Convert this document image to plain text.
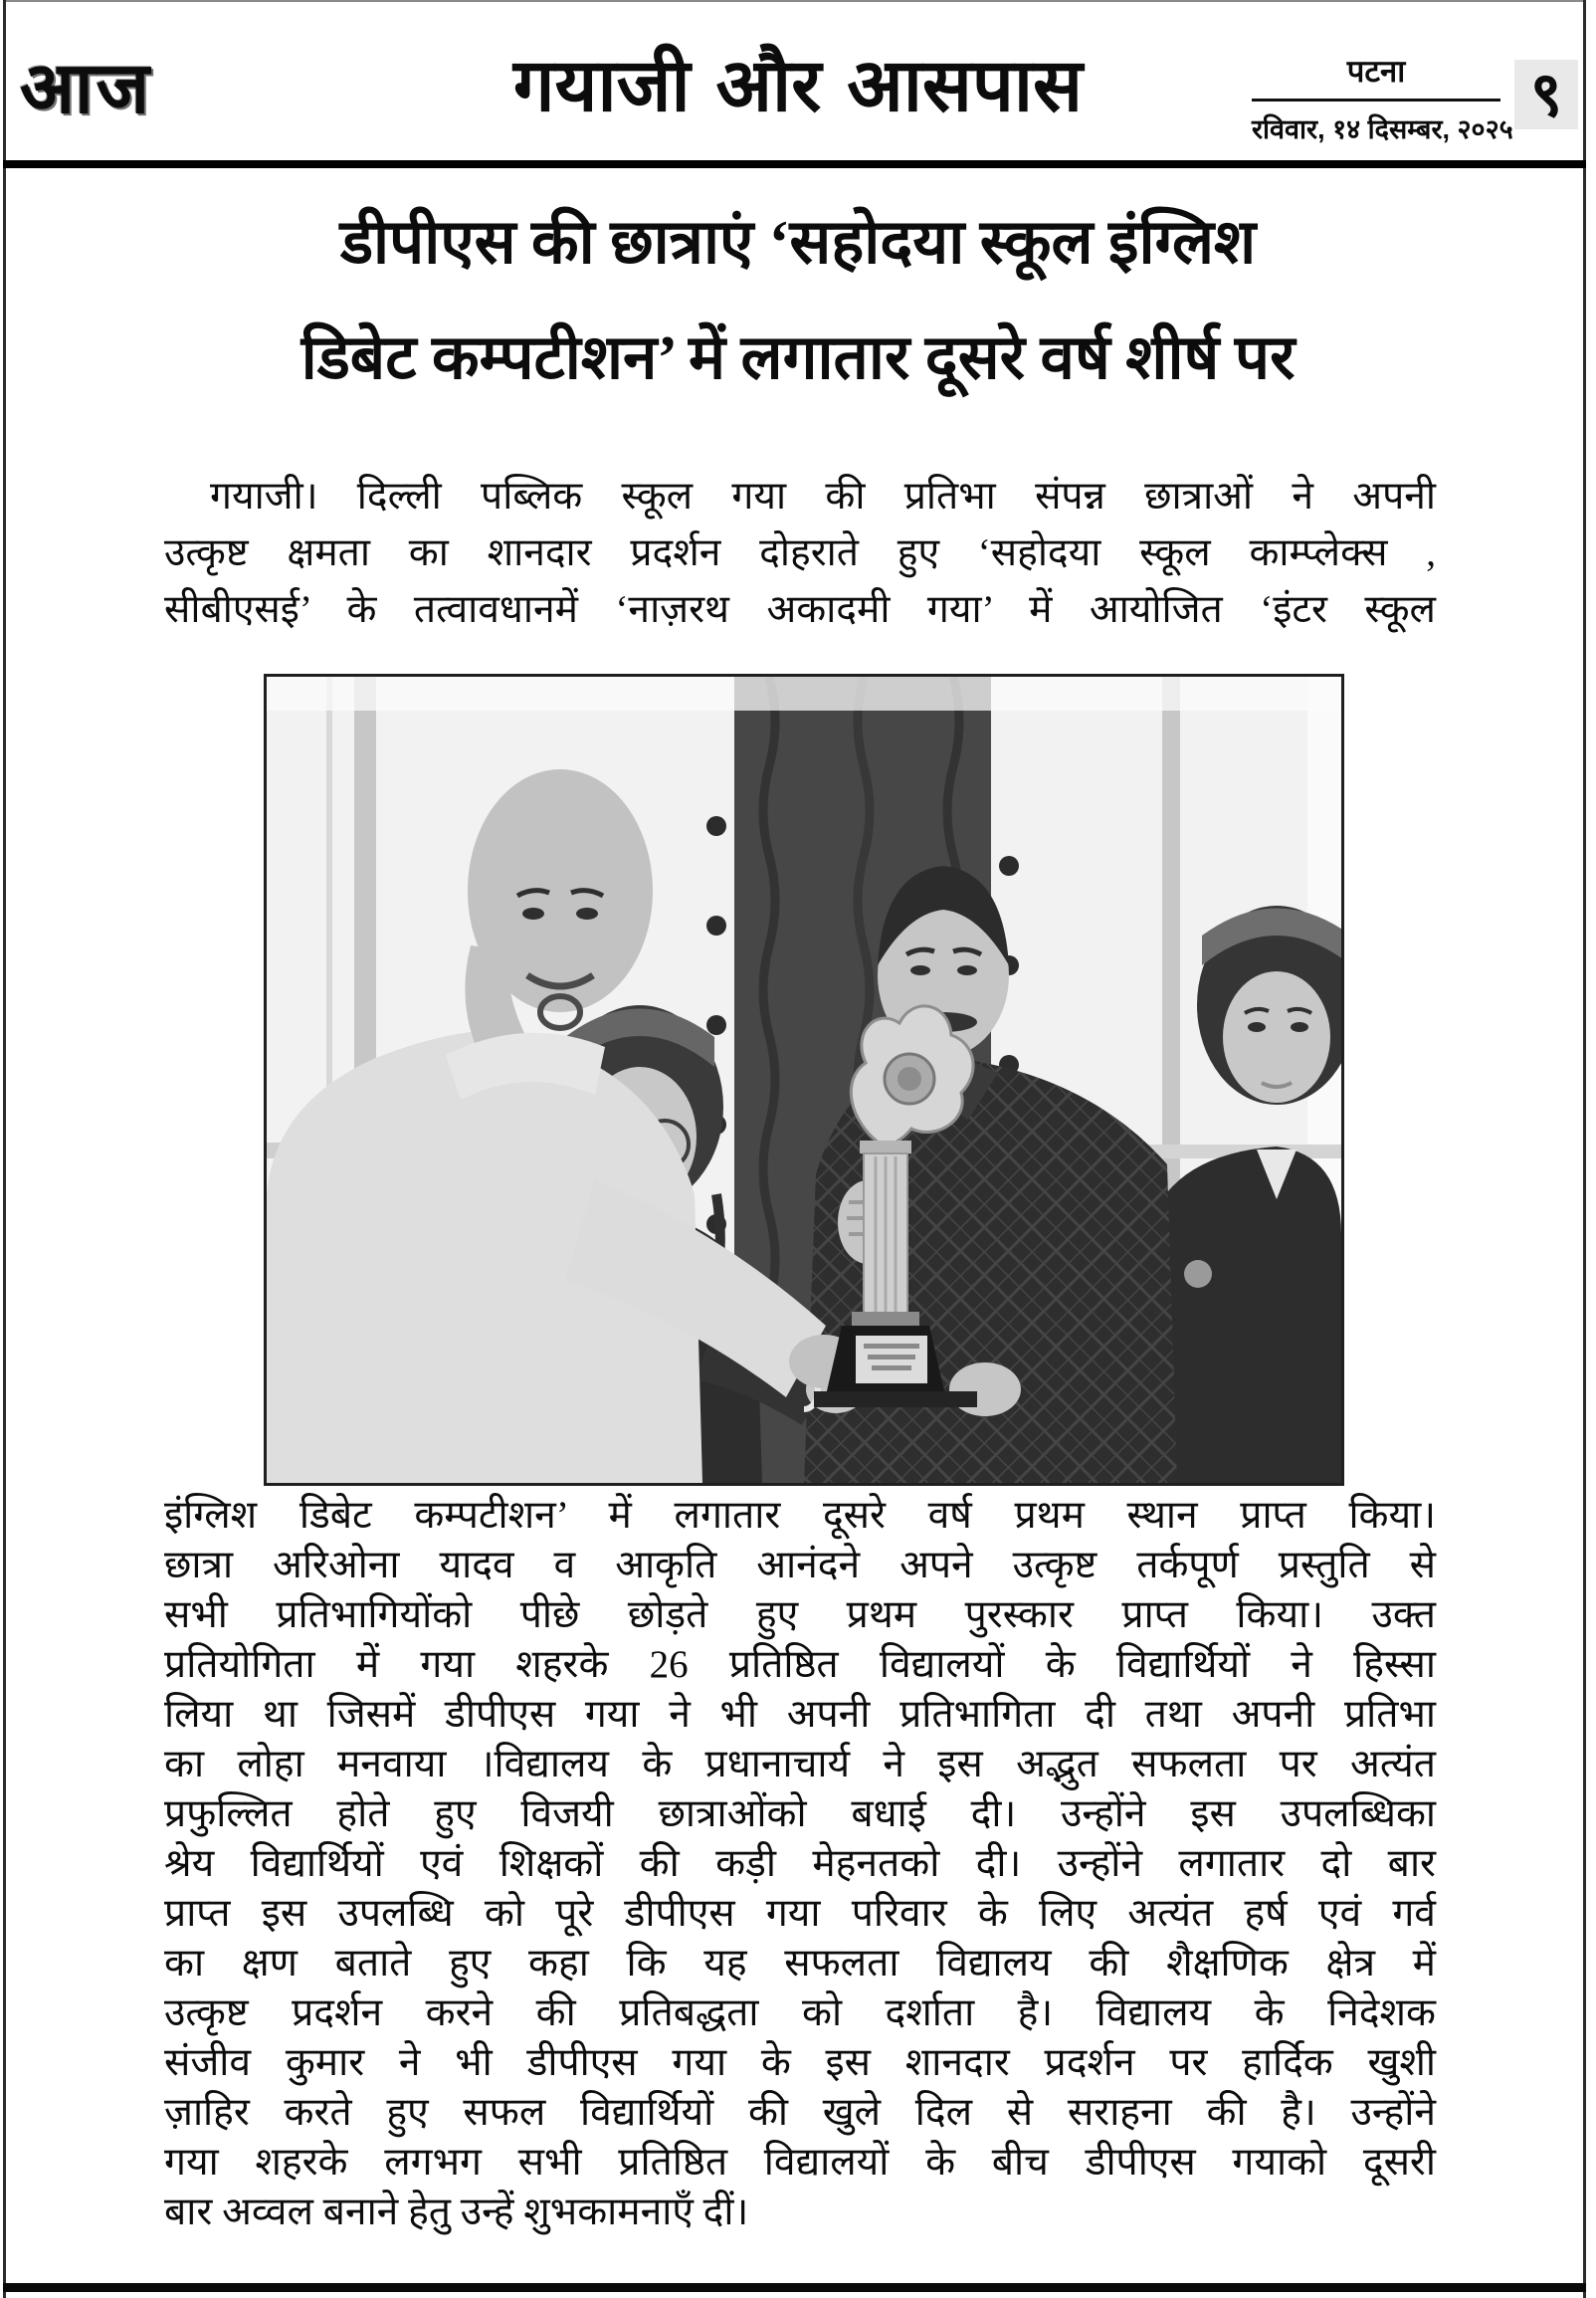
आज	गयाजी और आसपास	पटना
रविवार, १४ दिसम्बर, २०२५ ९
डीपीएस की छात्राएं ‘सहोदया स्कूल इंग्लिश
डिबेट कम्पटीशन’ में लगातार दूसरे वर्ष शीर्ष पर
गयाजी। दिल्ली पब्लिक स्कूल गया की प्रतिभा संपन्न छात्राओं ने अपनी
उत्कृष्ट क्षमता का शानदार प्रदर्शन दोहराते हुए ‘सहोदया स्कूल काम्प्लेक्स ,
सीबीएसई’ के तत्वावधानमें ‘नाज़रथ अकादमी गया’ में आयोजित ‘इंटर स्कूल
इंग्लिश डिबेट कम्पटीशन’ में लगातार दूसरे वर्ष प्रथम स्थान प्राप्त किया।
छात्रा अरिओना यादव व आकृति आनंदने अपने उत्कृष्ट तर्कपूर्ण प्रस्तुति से
सभी प्रतिभागियोंको पीछे छोड़ते हुए प्रथम पुरस्कार प्राप्त किया। उक्त
प्रतियोगिता में गया शहरके 26 प्रतिष्ठित विद्यालयों के विद्यार्थियों ने हिस्सा
लिया था जिसमें डीपीएस गया ने भी अपनी प्रतिभागिता दी तथा अपनी प्रतिभा
का लोहा मनवाया ।विद्यालय के प्रधानाचार्य ने इस अद्भुत सफलता पर अत्यंत
प्रफुल्लित होते हुए विजयी छात्राओंको बधाई दी। उन्होंने इस उपलब्धिका
श्रेय विद्यार्थियों एवं शिक्षकों की कड़ी मेहनतको दी। उन्होंने लगातार दो बार
प्राप्त इस उपलब्धि को पूरे डीपीएस गया परिवार के लिए अत्यंत हर्ष एवं गर्व
का क्षण बताते हुए कहा कि यह सफलता विद्यालय की शैक्षणिक क्षेत्र में
उत्कृष्ट प्रदर्शन करने की प्रतिबद्धता को दर्शाता है। विद्यालय के निदेशक
संजीव कुमार ने भी डीपीएस गया के इस शानदार प्रदर्शन पर हार्दिक खुशी
ज़ाहिर करते हुए सफल विद्यार्थियों की खुले दिल से सराहना की है। उन्होंने
गया शहरके लगभग सभी प्रतिष्ठित विद्यालयों के बीच डीपीएस गयाको दूसरी
बार अव्वल बनाने हेतु उन्हें शुभकामनाएँ दीं।
